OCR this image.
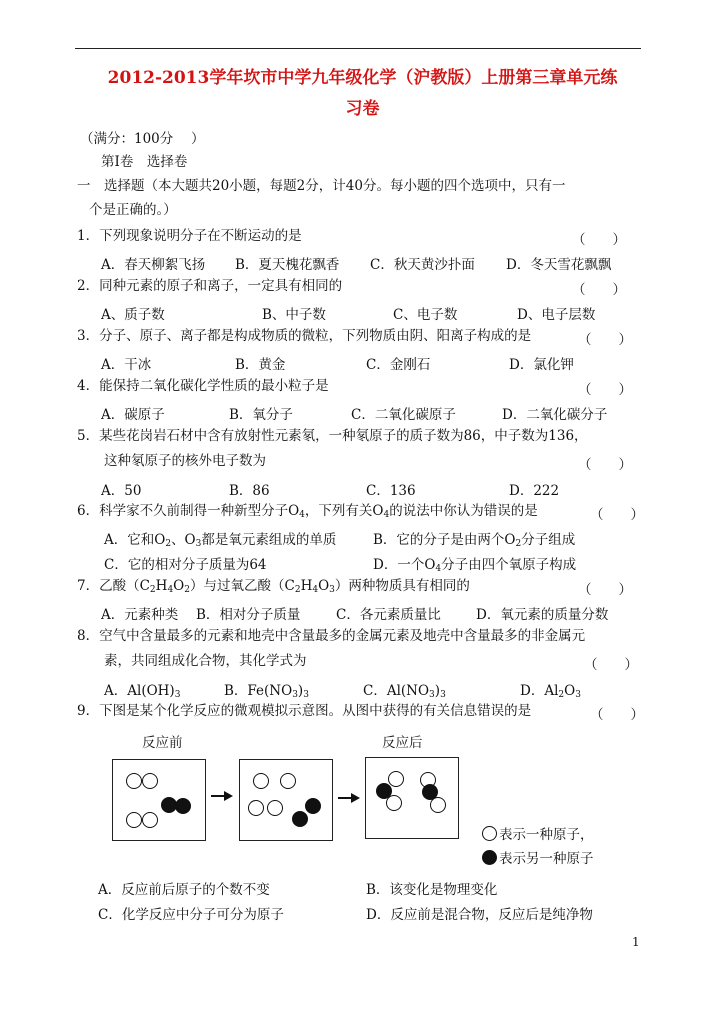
2012-2013学年坎市中学九年级化学（沪教版）上册第三章单元练
习卷
（满分：100分　 ）
第Ⅰ卷　选择卷
一　选择题（本大题共20小题，每题2分，计40分。每小题的四个选项中，只有一
个是正确的。）
1．下列现象说明分子在不断运动的是	（　　）
A．春天柳絮飞扬 B．夏天槐花飘香 C．秋天黄沙扑面 D．冬天雪花飘飘
2．同种元素的原子和离子，一定具有相同的	（　　）
A、质子数	B、中子数	C、电子数	D、电子层数
3．分子、原子、离子都是构成物质的微粒，下列物质由阴、阳离子构成的是	（　　）
A．干冰	B．黄金	C．金刚石	D．氯化钾
4．能保持二氧化碳化学性质的最小粒子是	（　　）
A．碳原子	B．氧分子	C．二氧化碳原子	D．二氧化碳分子
5．某些花岗岩石材中含有放射性元素氡，一种氡原子的质子数为86，中子数为136，
这种氡原子的核外电子数为	（　　）
A．50	B．86	C．136	D．222
6．科学家不久前制得一种新型分子$O_4$，下列有关$O_4$的说法中你认为错误的是	（　　）
A．它和$O_2$、$O_3$都是氧元素组成的单质	B．它的分子是由两个$O_2$分子组成
C．它的相对分子质量为64	D．一个$O_4$分子由四个氧原子构成
7．乙酸$(C_2H_4O_2)$与过氧乙酸$(C_2H_4O_3)$两种物质具有相同的	（　　）
A．元素种类 B．相对分子质量	C．各元素质量比	D．氧元素的质量分数
8．空气中含量最多的元素和地壳中含量最多的金属元素及地壳中含量最多的非金属元
素，共同组成化合物，其化学式为	（　　）
A．$Al(OH)_3$	B．$Fe(NO_3)_3$	C．$Al(NO_3)_3$	D．$Al_2O_3$
9．下图是某个化学反应的微观模拟示意图。从图中获得的有关信息错误的是	（　　）
反应前	反应后
表示一种原子，
表示另一种原子
A．反应前后原子的个数不变	B．该变化是物理变化
C．化学反应中分子可分为原子	D．反应前是混合物，反应后是纯净物
1
